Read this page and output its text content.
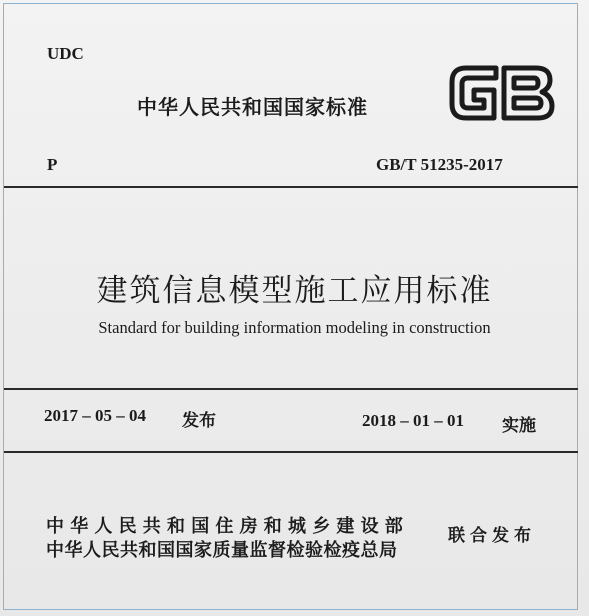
UDC
中华人民共和国国家标准
P	GB/T 51235-2017
建筑信息模型施工应用标准
Standard for building information modeling in construction
2017 – 05 – 04 发布	2018 – 01 – 01 实施
中华人民共和国住房和城乡建设部
中华人民共和国国家质量监督检验检疫总局
联合发布
